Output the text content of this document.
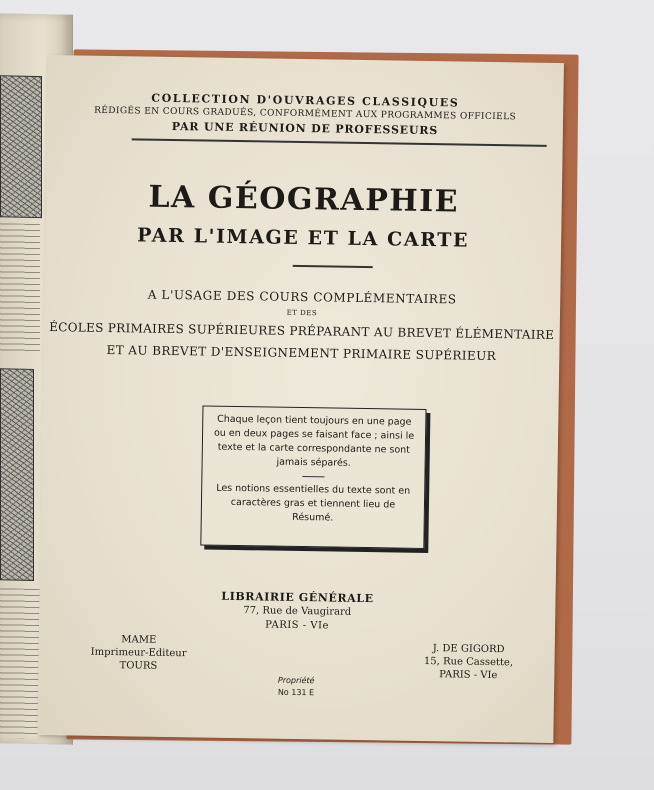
COLLECTION D'OUVRAGES CLASSIQUES
RÉDIGÉS EN COURS GRADUÉS, CONFORMÉMENT AUX PROGRAMMES OFFICIELS
PAR UNE RÉUNION DE PROFESSEURS
LA GÉOGRAPHIE
PAR L'IMAGE ET LA CARTE
A L'USAGE DES COURS COMPLÉMENTAIRES
ET DES
ÉCOLES PRIMAIRES SUPÉRIEURES PRÉPARANT AU BREVET ÉLÉMENTAIRE
ET AU BREVET D'ENSEIGNEMENT PRIMAIRE SUPÉRIEUR
Chaque leçon tient toujours en une page ou en deux pages se faisant face ; ainsi le texte et la carte correspondante ne sont jamais séparés.
Les notions essentielles du texte sont en caractères gras et tiennent lieu de Résumé.
LIBRAIRIE GÉNÉRALE
77, Rue de Vaugirard
PARIS - VIe
MAME
Imprimeur-Editeur
TOURS
J. DE GIGORD
15, Rue Cassette,
PARIS - VIe
Propriété
No 131 E
